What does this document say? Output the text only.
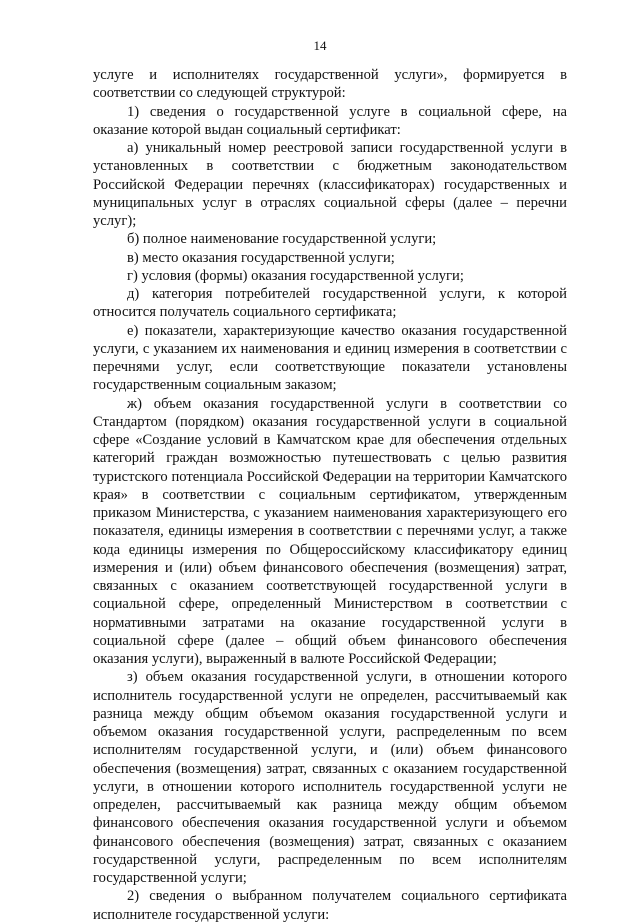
14

услуге и исполнителях государственной услуги», формируется в соответствии со следующей структурой:

1) сведения о государственной услуге в социальной сфере, на оказание которой выдан социальный сертификат:

а) уникальный номер реестровой записи государственной услуги в установленных в соответствии с бюджетным законодательством Российской Федерации перечнях (классификаторах) государственных и муниципальных услуг в отраслях социальной сферы (далее – перечни услуг);

б) полное наименование государственной услуги;

в) место оказания государственной услуги;

г) условия (формы) оказания государственной услуги;

д) категория потребителей государственной услуги, к которой относится получатель социального сертификата;

е) показатели, характеризующие качество оказания государственной услуги, с указанием их наименования и единиц измерения в соответствии с перечнями услуг, если соответствующие показатели установлены государственным социальным заказом;

ж) объем оказания государственной услуги в соответствии со Стандартом (порядком) оказания государственной услуги в социальной сфере «Создание условий в Камчатском крае для обеспечения отдельных категорий граждан возможностью путешествовать с целью развития туристского потенциала Российской Федерации на территории Камчатского края» в соответствии с социальным сертификатом, утвержденным приказом Министерства, с указанием наименования характеризующего его показателя, единицы измерения в соответствии с перечнями услуг, а также кода единицы измерения по Общероссийскому классификатору единиц измерения и (или) объем финансового обеспечения (возмещения) затрат, связанных с оказанием соответствующей государственной услуги в социальной сфере, определенный Министерством в соответствии с нормативными затратами на оказание государственной услуги в социальной сфере (далее – общий объем финансового обеспечения оказания услуги), выраженный в валюте Российской Федерации;

з) объем оказания государственной услуги, в отношении которого исполнитель государственной услуги не определен, рассчитываемый как разница между общим объемом оказания государственной услуги и объемом оказания государственной услуги, распределенным по всем исполнителям государственной услуги, и (или) объем финансового обеспечения (возмещения) затрат, связанных с оказанием государственной услуги, в отношении которого исполнитель государственной услуги не определен, рассчитываемый как разница между общим объемом финансового обеспечения оказания государственной услуги и объемом финансового обеспечения (возмещения) затрат, связанных с оказанием государственной услуги, распределенным по всем исполнителям государственной услуги;

2) сведения о выбранном получателем социального сертификата исполнителе государственной услуги:
